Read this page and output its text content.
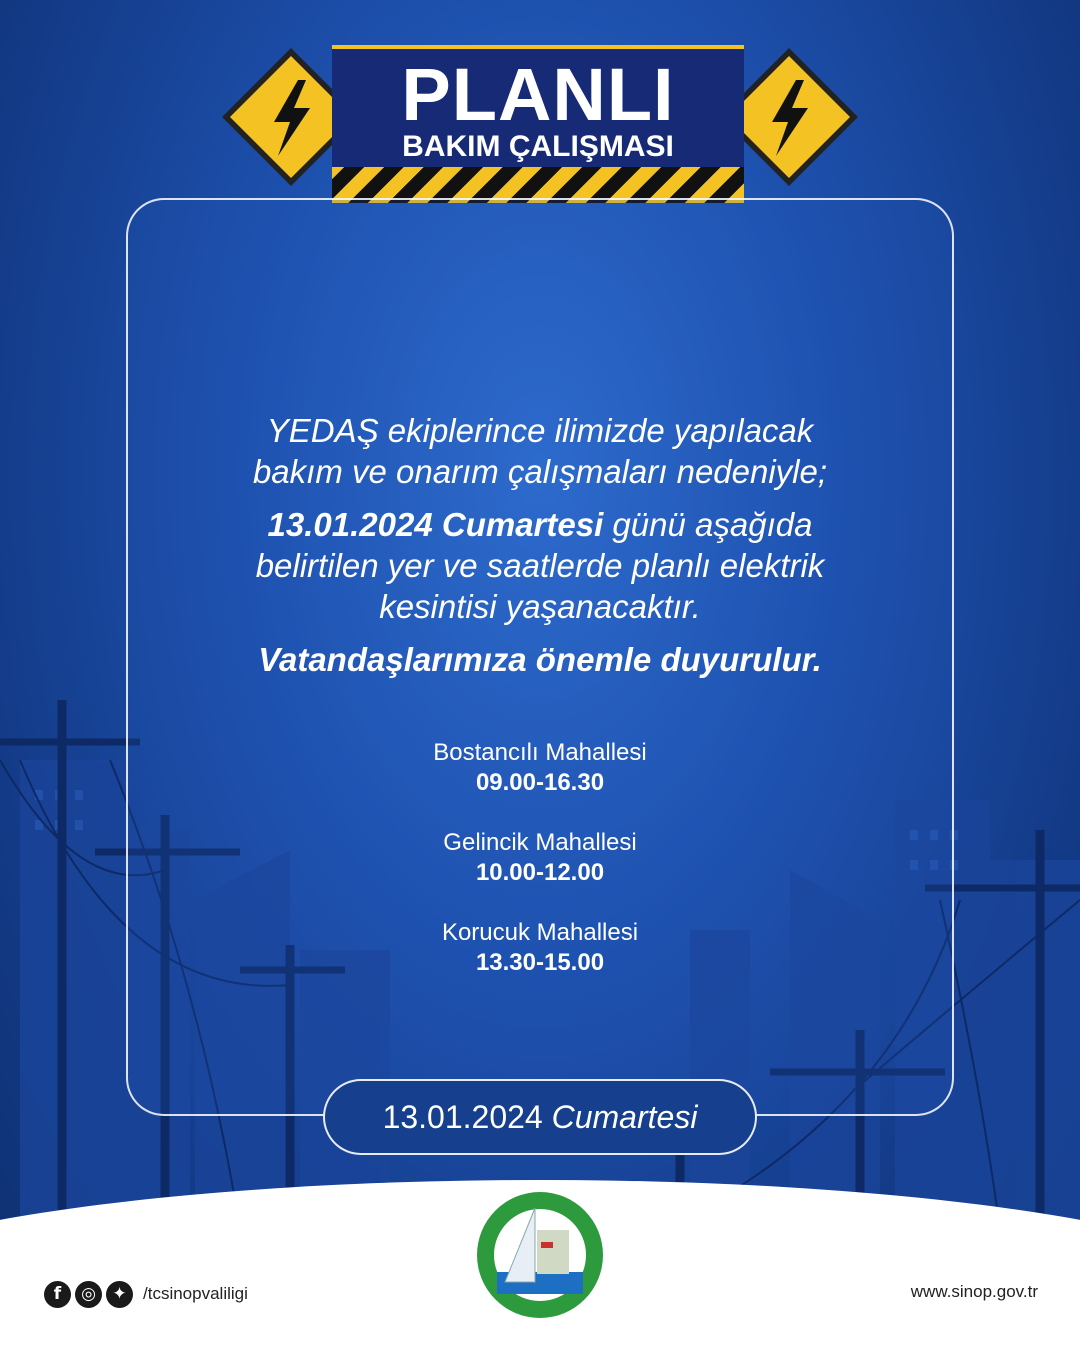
PLANLI
BAKIM ÇALIŞMASI

YEDAŞ ekiplerince ilimizde yapılacak
bakım ve onarım çalışmaları nedeniyle;

13.01.2024 Cumartesi günü aşağıda
belirtilen yer ve saatlerde planlı elektrik
kesintisi yaşanacaktır.

Vatandaşlarımıza önemle duyurulur.

Bostancılı Mahallesi
09.00-16.30
Gelincik Mahallesi
10.00-12.00
Korucuk Mahallesi
13.30-15.00
13.01.2024 Cumartesi
f	◎ ✦ /tcsinopvaliligi	www.sinop.gov.tr
